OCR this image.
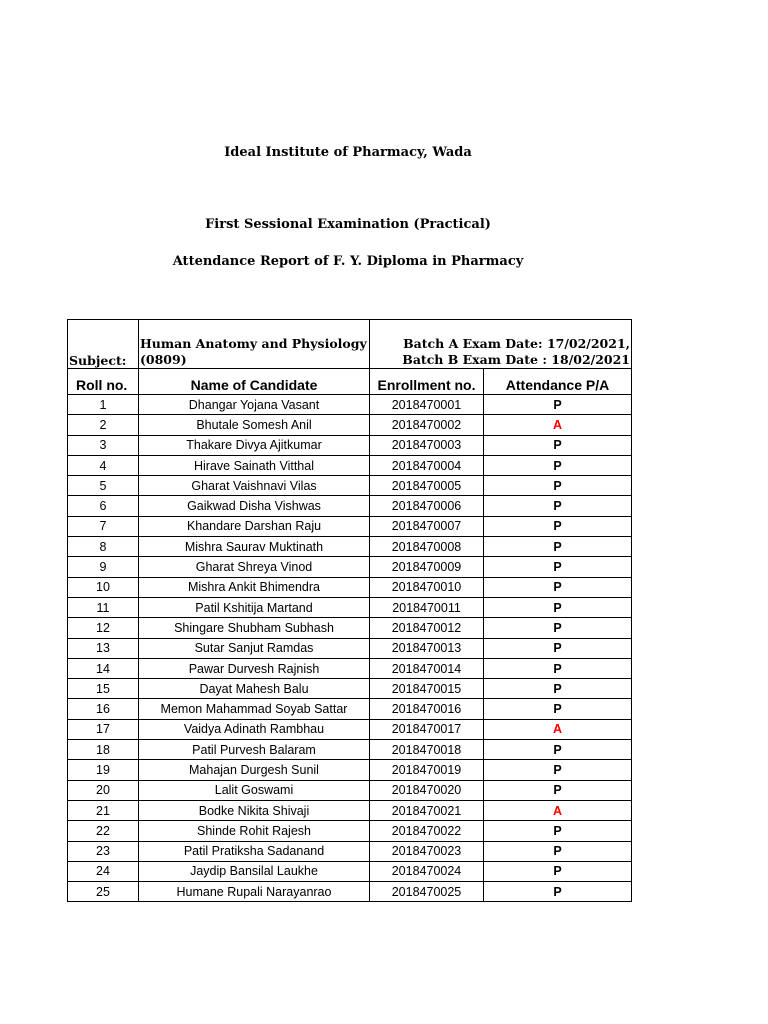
Ideal Institute of Pharmacy, Wada
First Sessional Examination (Practical)
Attendance Report of F. Y. Diploma in Pharmacy
Subject:	Human Anatomy and Physiology (0809)	Batch A Exam Date: 17/02/2021,
Batch B Exam Date : 18/02/2021	

Roll no.	Name of Candidate	Enrollment no.	Attendance P/A
1	Dhangar Yojana Vasant	2018470001	P
2	Bhutale Somesh Anil	2018470002	A
3	Thakare Divya Ajitkumar	2018470003	P
4	Hirave Sainath Vitthal	2018470004	P
5	Gharat Vaishnavi Vilas	2018470005	P
6	Gaikwad Disha Vishwas	2018470006	P
7	Khandare Darshan Raju	2018470007	P
8	Mishra Saurav Muktinath	2018470008	P
9	Gharat Shreya Vinod	2018470009	P
10	Mishra Ankit Bhimendra	2018470010	P
11	Patil Kshitija Martand	2018470011	P
12	Shingare Shubham Subhash	2018470012	P
13	Sutar Sanjut Ramdas	2018470013	P
14	Pawar Durvesh Rajnish	2018470014	P
15	Dayat Mahesh Balu	2018470015	P
16	Memon Mahammad Soyab Sattar	2018470016	P
17	Vaidya Adinath Rambhau	2018470017	A
18	Patil Purvesh Balaram	2018470018	P
19	Mahajan Durgesh Sunil	2018470019	P
20	Lalit Goswami	2018470020	P
21	Bodke Nikita Shivaji	2018470021	A
22	Shinde Rohit Rajesh	2018470022	P
23	Patil Pratiksha Sadanand	2018470023	P
24	Jaydip Bansilal Laukhe	2018470024	P
25	Humane Rupali Narayanrao	2018470025	P
